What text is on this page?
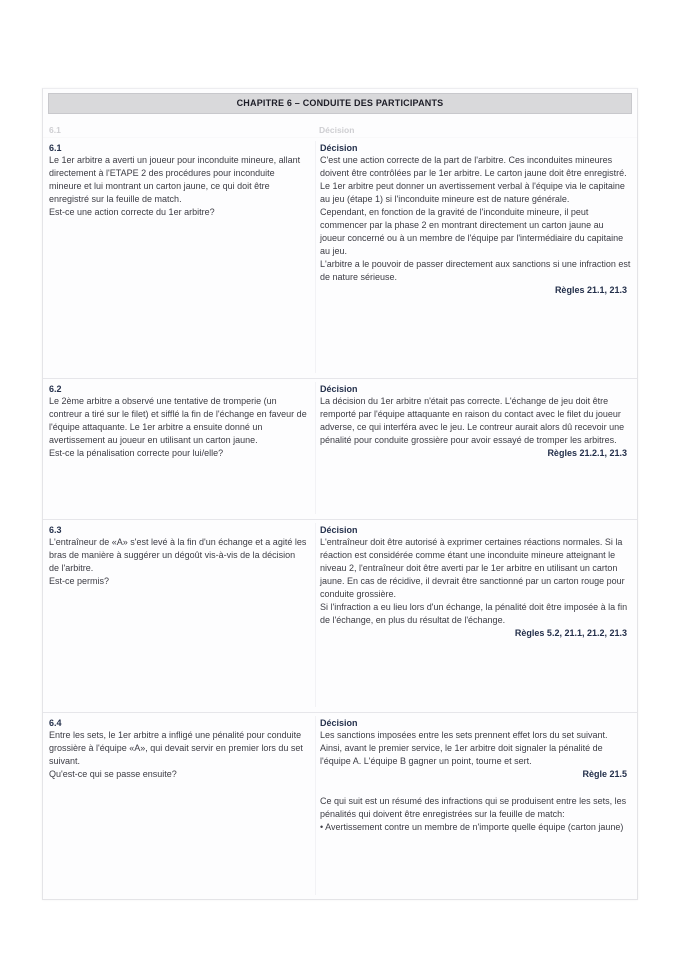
CHAPITRE 6 – CONDUITE DES PARTICIPANTS
6.1	Décision
6.1

Le 1er arbitre a averti un joueur pour inconduite mineure, allant directement à l'ETAPE 2 des procédures pour inconduite mineure et lui montrant un carton jaune, ce qui doit être enregistré sur la feuille de match.

Est-ce une action correcte du 1er arbitre?

Décision

C'est une action correcte de la part de l'arbitre. Ces inconduites mineures doivent être contrôlées par le 1er arbitre. Le carton jaune doit être enregistré.

Le 1er arbitre peut donner un avertissement verbal à l'équipe via le capitaine au jeu (étape 1) si l'inconduite mineure est de nature générale.

Cependant, en fonction de la gravité de l'inconduite mineure, il peut commencer par la phase 2 en montrant directement un carton jaune au joueur concerné ou à un membre de l'équipe par l'intermédiaire du capitaine au jeu.

L'arbitre a le pouvoir de passer directement aux sanctions si une infraction est de nature sérieuse.

Règles 21.1, 21.3
6.2

Le 2ème arbitre a observé une tentative de tromperie (un contreur a tiré sur le filet) et sifflé la fin de l'échange en faveur de l'équipe attaquante. Le 1er arbitre a ensuite donné un avertissement au joueur en utilisant un carton jaune.

Est-ce la pénalisation correcte pour lui/elle?

Décision

La décision du 1er arbitre n'était pas correcte. L'échange de jeu doit être remporté par l'équipe attaquante en raison du contact avec le filet du joueur adverse, ce qui interféra avec le jeu. Le contreur aurait alors dû recevoir une pénalité pour conduite grossière pour avoir essayé de tromper les arbitres.

Règles 21.2.1, 21.3
6.3

L'entraîneur de «A» s'est levé à la fin d'un échange et a agité les bras de manière à suggérer un dégoût vis-à-vis de la décision de l'arbitre.

Est-ce permis?

Décision

L'entraîneur doit être autorisé à exprimer certaines réactions normales. Si la réaction est considérée comme étant une inconduite mineure atteignant le niveau 2, l'entraîneur doit être averti par le 1er arbitre en utilisant un carton jaune. En cas de récidive, il devrait être sanctionné par un carton rouge pour conduite grossière.

Si l'infraction a eu lieu lors d'un échange, la pénalité doit être imposée à la fin de l'échange, en plus du résultat de l'échange.

Règles 5.2, 21.1, 21.2, 21.3
6.4

Entre les sets, le 1er arbitre a infligé une pénalité pour conduite grossière à l'équipe «A», qui devait servir en premier lors du set suivant.

Qu'est-ce qui se passe ensuite?

Décision

Les sanctions imposées entre les sets prennent effet lors du set suivant. Ainsi, avant le premier service, le 1er arbitre doit signaler la pénalité de l'équipe A. L'équipe B gagner un point, tourne et sert.

Règle 21.5

Ce qui suit est un résumé des infractions qui se produisent entre les sets, les pénalités qui doivent être enregistrées sur la feuille de match:

• Avertissement contre un membre de n'importe quelle équipe (carton jaune)
